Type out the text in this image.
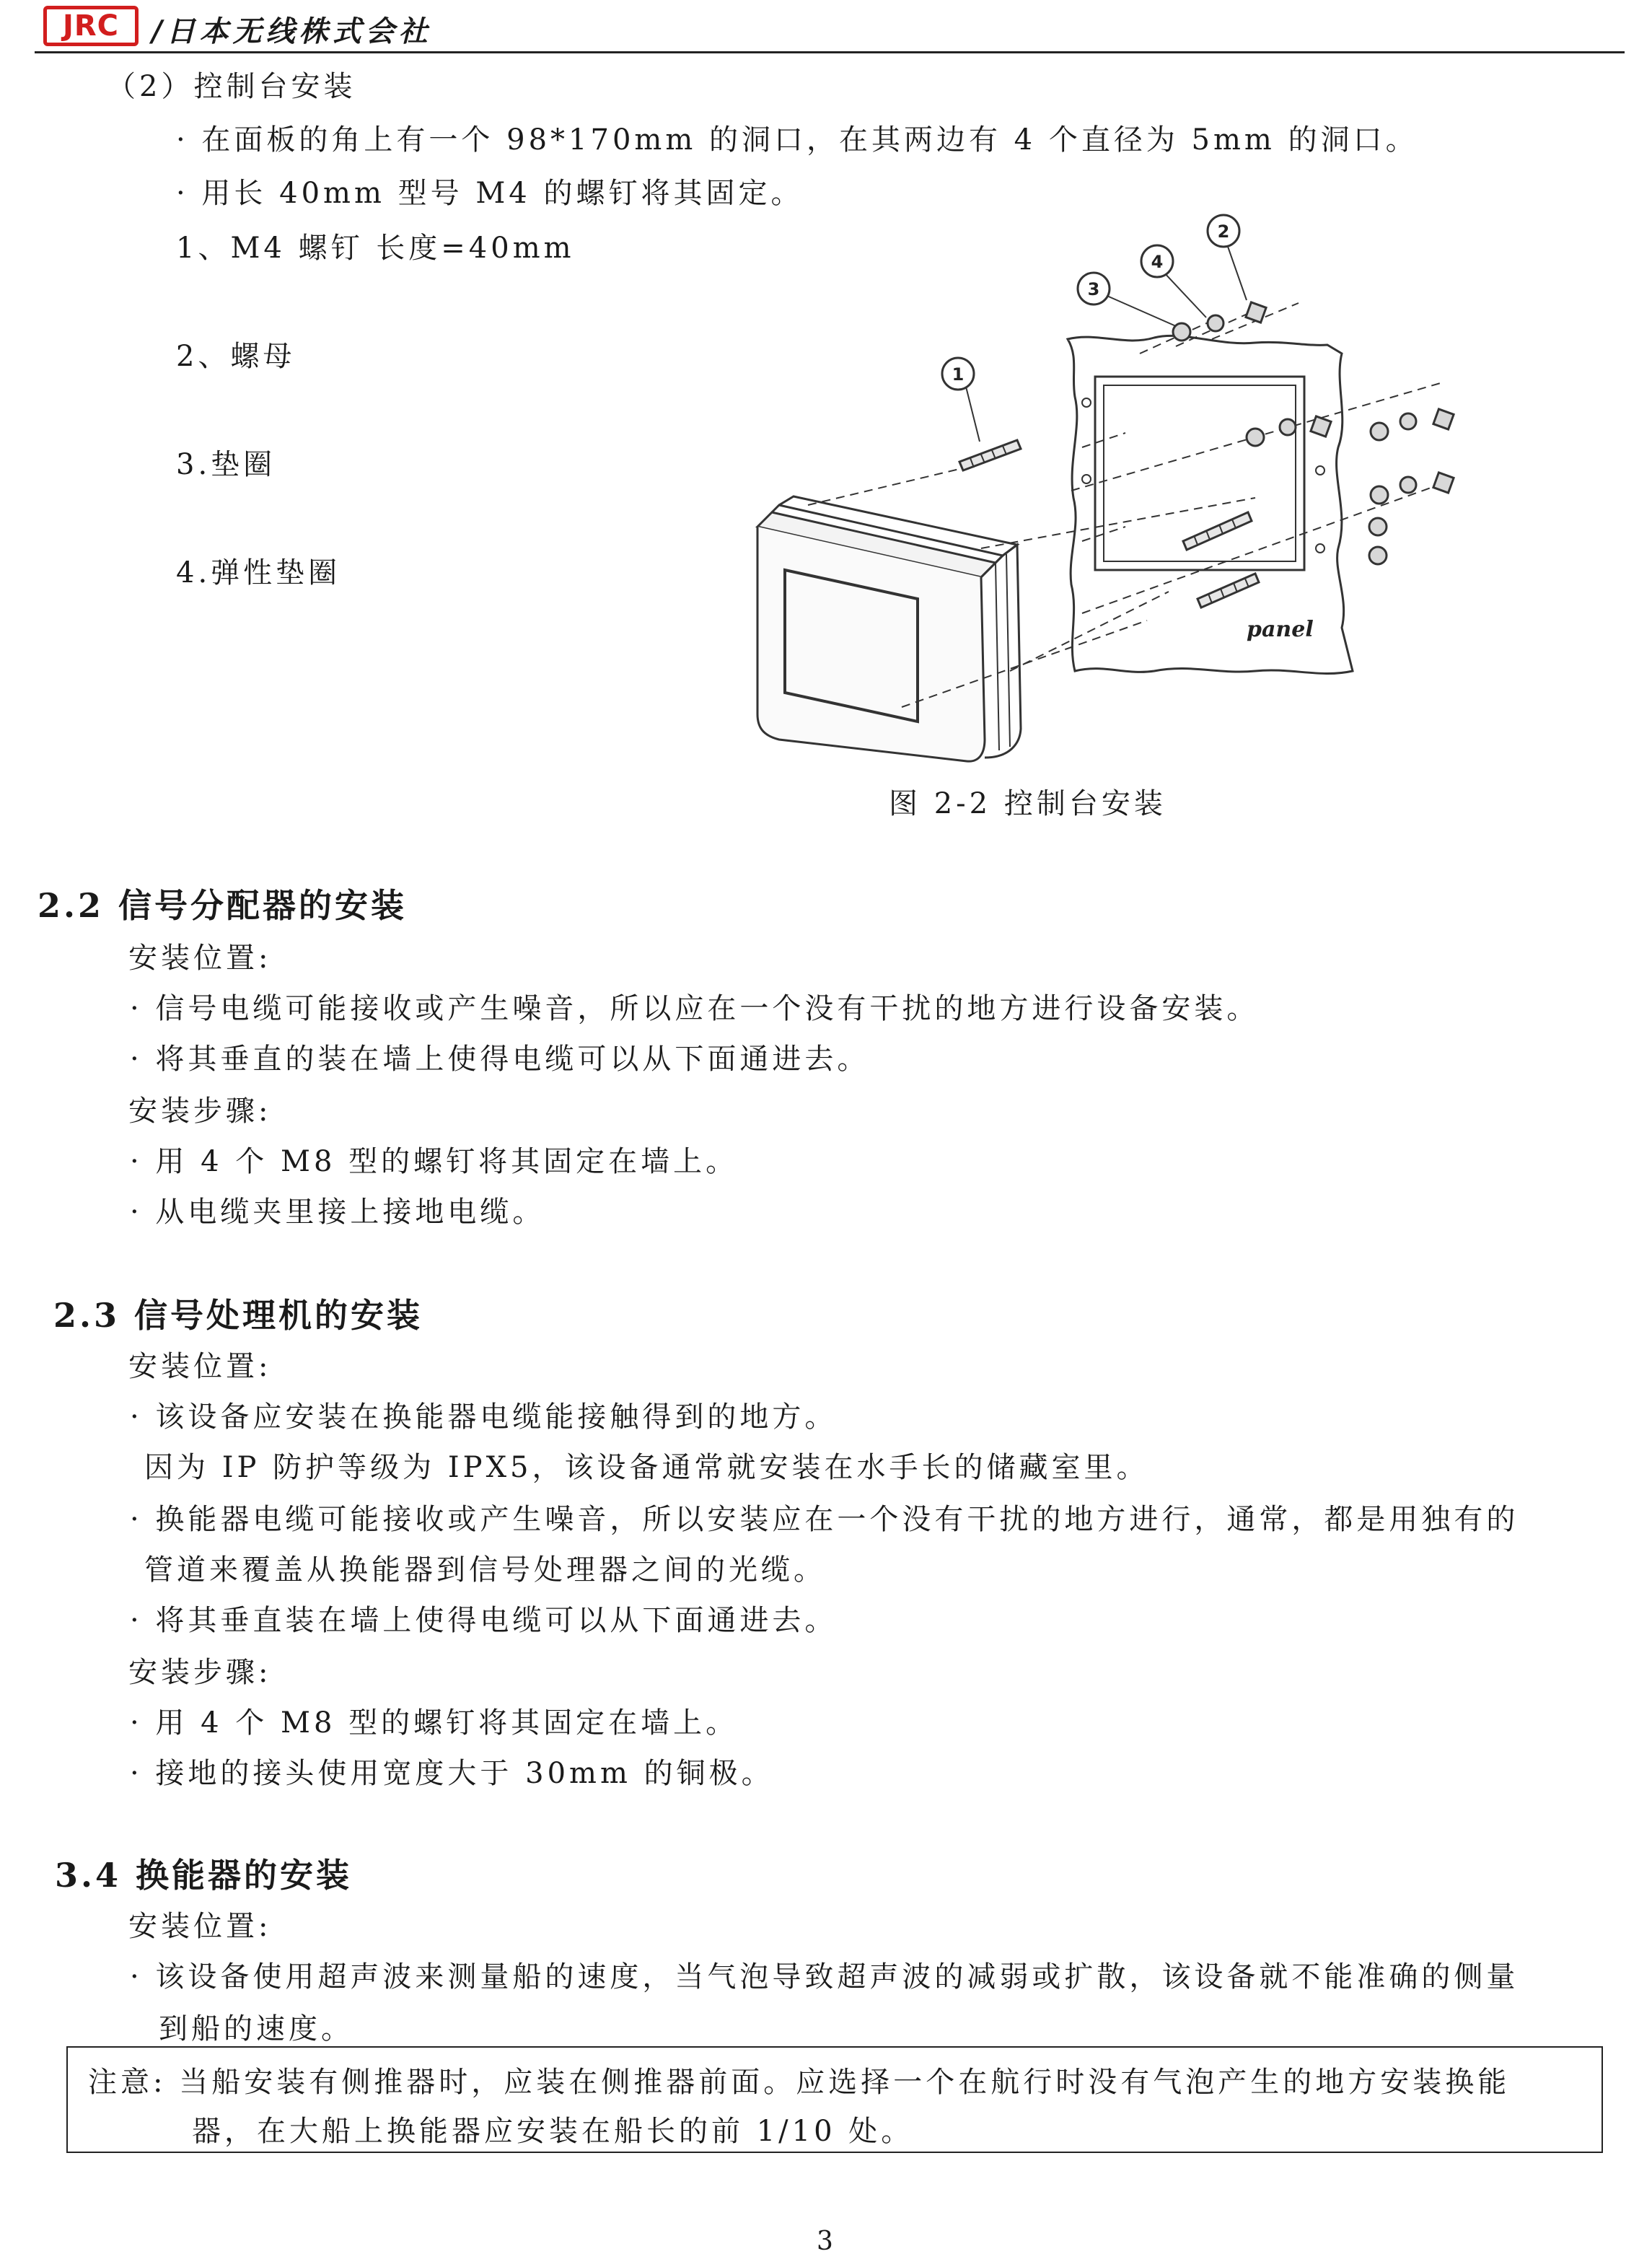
JRC	/日本无线株式会社
（2）控制台安装
· 在面板的角上有一个 98*170mm 的洞口，在其两边有 4 个直径为 5mm 的洞口。
· 用长 40mm 型号 M4 的螺钉将其固定。
1、M4 螺钉 长度=40mm
2、螺母
3.垫圈
4.弹性垫圈
1
2
3
4
panel
图 2-2 控制台安装
2.2 信号分配器的安装
安装位置:
· 信号电缆可能接收或产生噪音，所以应在一个没有干扰的地方进行设备安装。
· 将其垂直的装在墙上使得电缆可以从下面通进去。
安装步骤:
· 用 4 个 M8 型的螺钉将其固定在墙上。
· 从电缆夹里接上接地电缆。
2.3 信号处理机的安装
安装位置:
· 该设备应安装在换能器电缆能接触得到的地方。
因为 IP 防护等级为 IPX5，该设备通常就安装在水手长的储藏室里。
· 换能器电缆可能接收或产生噪音，所以安装应在一个没有干扰的地方进行，通常，都是用独有的
管道来覆盖从换能器到信号处理器之间的光缆。
· 将其垂直装在墙上使得电缆可以从下面通进去。
安装步骤:
· 用 4 个 M8 型的螺钉将其固定在墙上。
· 接地的接头使用宽度大于 30mm 的铜极。
3.4 换能器的安装
安装位置:
· 该设备使用超声波来测量船的速度，当气泡导致超声波的减弱或扩散，该设备就不能准确的侧量
到船的速度。
注意: 当船安装有侧推器时，应装在侧推器前面。应选择一个在航行时没有气泡产生的地方安装换能
器，在大船上换能器应安装在船长的前 1/10 处。
3
